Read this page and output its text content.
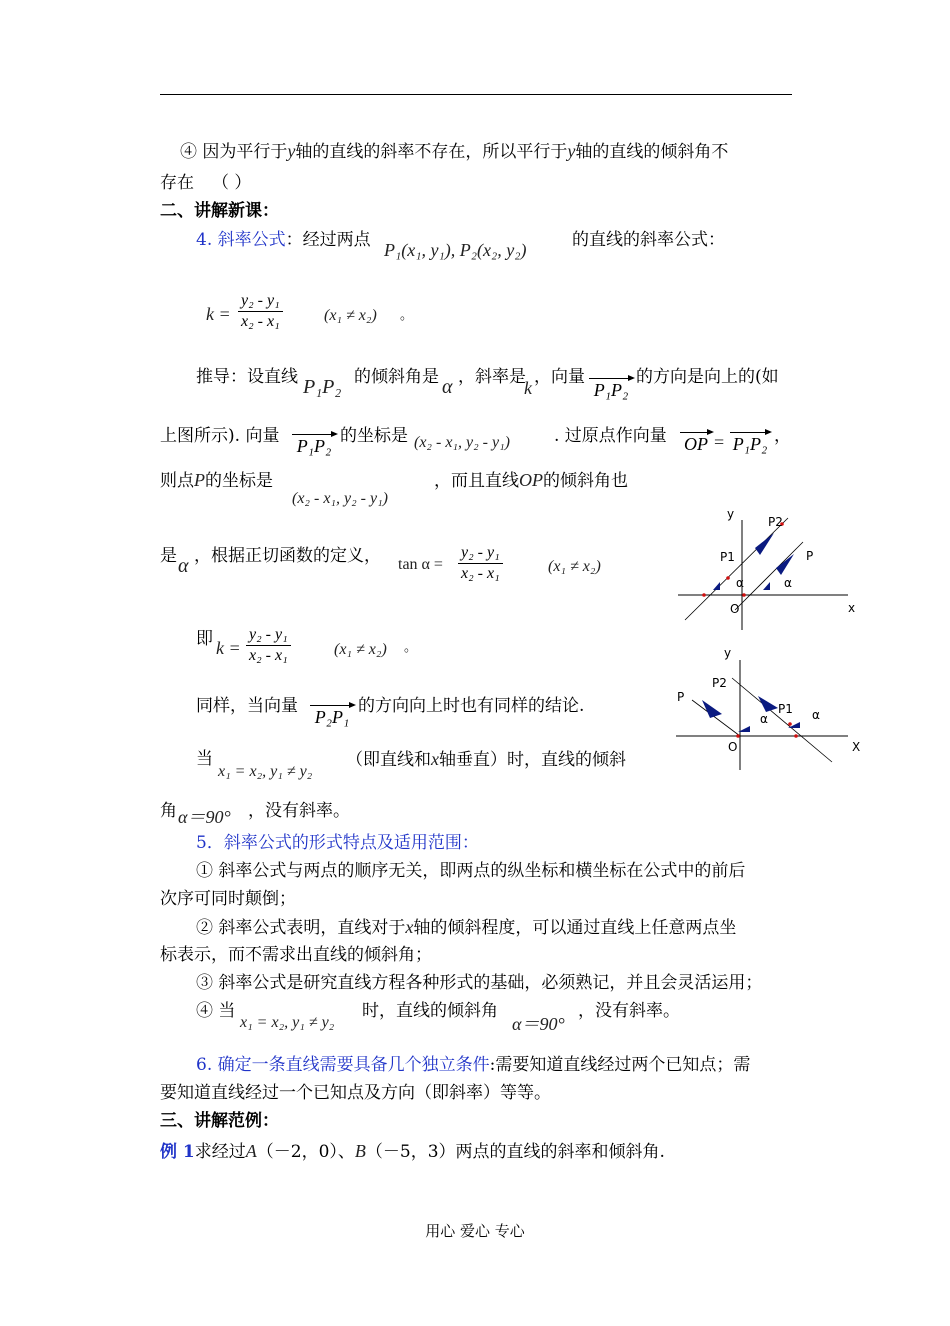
④ 因为平行于y轴的直线的斜率不存在，所以平行于y轴的直线的倾斜角不
存在 （ ）
二、讲解新课：
4. 斜率公式：经过两点 P₁(x₁, y₁), P₂(x₂, y₂)	的直线的斜率公式：
$k = \frac{\text{y₂ - y₁}}{\text{x₂ - x₁}}$	(x₁ ≠ x₂) 。
推导：设直线 P₁P₂ 的倾斜角是 α ，斜率是
k
，向量
P₁P₂
的方向是向上的(如
上图所示). 向量 P₁P₂ 的坐标是 (x₂ - x₁, y₂ - y₁)	. 过原点作向量 OP = P₁P₂ ，
则点P的坐标是	，而且直线OP的倾斜角也
(x₂ - x₁, y₂ - y₁)
是 α ，根据正切函数的定义， $\tan \alpha = \frac{\text{y₂ - y₁}}{\text{x₂ - x₁}}$	(x₁ ≠ x₂)
即 $k = \frac{\text{y₂ - y₁}}{\text{x₂ - x₁}}$	(x₁ ≠ x₂) 。
同样，当向量
P₂P₁
的方向向上时也有同样的结论.
当
x₁ = x₂, y₁ ≠ y₂
（即直线和x轴垂直）时，直线的倾斜
角 α＝90° ，没有斜率。
5．斜率公式的形式特点及适用范围：
① 斜率公式与两点的顺序无关，即两点的纵坐标和横坐标在公式中的前后
次序可同时颠倒；
② 斜率公式表明，直线对于x轴的倾斜程度，可以通过直线上任意两点坐
标表示，而不需求出直线的倾斜角；
③ 斜率公式是研究直线方程各种形式的基础，必须熟记，并且会灵活运用；
④ 当
x₁ = x₂, y₁ ≠ y₂
时，直线的倾斜角
α＝90°
，没有斜率。
6. 确定一条直线需要具备几个独立条件:需要知道直线经过两个已知点；需
要知道直线经过一个已知点及方向（即斜率）等等。
三、讲解范例：
例 1求经过A（－2，0）、B（－5，3）两点的直线的斜率和倾斜角.
y
P2
P1	P
α	α
O	x
y
P2
P
P1
α	α
O	X
用心 爱心 专心
